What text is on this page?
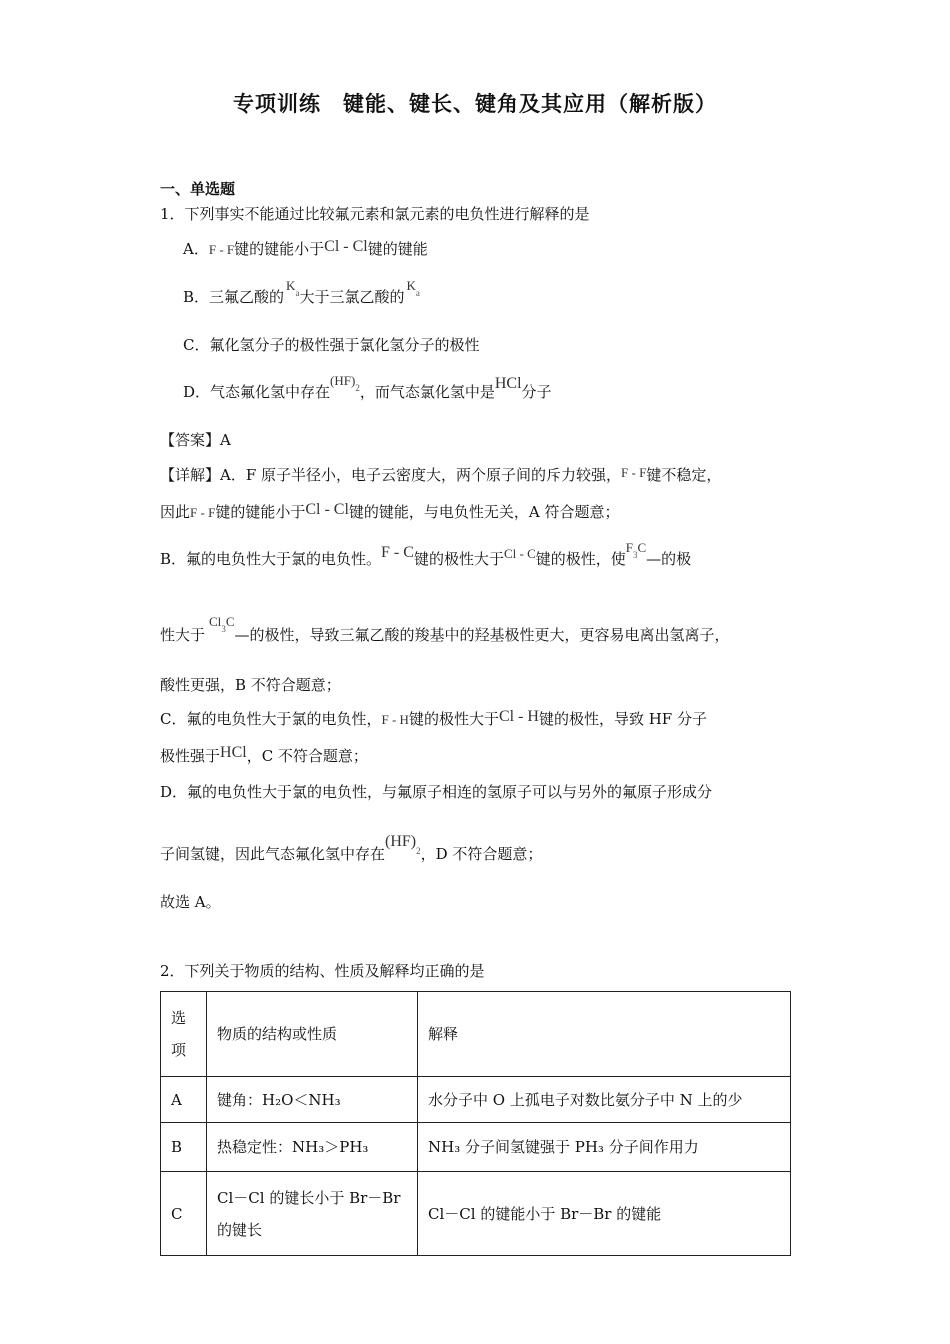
专项训练　键能、键长、键角及其应用（解析版）
一、单选题
1．下列事实不能通过比较氟元素和氯元素的电负性进行解释的是
A．F - F键的键能小于Cl - Cl键的键能
B．三氟乙酸的$K^a$大于三氯乙酸的$K^a$
C．氟化氢分子的极性强于氯化氢分子的极性
D．气态氟化氢中存在(HF)$^2$，而气态氯化氢中是HCl分子
【答案】A
【详解】A．F 原子半径小，电子云密度大，两个原子间的斥力较强，F - F键不稳定，
因此F - F键的键能小于Cl - Cl键的键能，与电负性无关，A 符合题意；
B．氟的电负性大于氯的电负性。F - C键的极性大于Cl - C键的极性，使$F^3C—$的极
性大于Cl$^3$C—的极性，导致三氟乙酸的羧基中的羟基极性更大，更容易电离出氢离子，
酸性更强，B 不符合题意；
C．氟的电负性大于氯的电负性，F - H键的极性大于Cl - H键的极性，导致 HF 分子
极性强于HCl，C 不符合题意；
D．氟的电负性大于氯的电负性，与氟原子相连的氢原子可以与另外的氟原子形成分
子间氢键，因此气态氟化氢中存在(HF)$^2$，D 不符合题意；
故选 A。
2．下列关于物质的结构、性质及解释均正确的是
选
项	物质的结构或性质	解释
A	键角：H₂O＜NH₃	水分子中 O 上孤电子对数比氨分子中 N 上的少
B	热稳定性：NH₃＞PH₃	NH₃ 分子间氢键强于 PH₃ 分子间作用力
C	Cl－Cl 的键长小于 Br－Br
的键长	Cl－Cl 的键能小于 Br－Br 的键能
